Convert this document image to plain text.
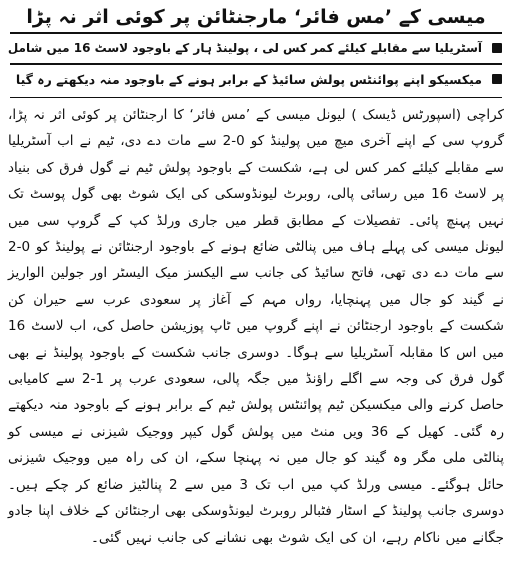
میسی کے ’مس فائر‘ مارجنٹائن پر کوئی اثر نہ پڑا
آسٹریلیا سے مقابلے کیلئے کمر کس لی ، پولینڈ ہار کے باوجود لاسٹ 16 میں شامل
میکسیکو اپنے پوائنٹس پولش سائیڈ کے برابر ہونے کے باوجود منہ دیکھتے رہ گیا

کراچی (اسپورٹس ڈیسک ) لیونل میسی کے ’مس فائر‘ کا ارجنٹائن پر کوئی اثر نہ پڑا، گروپ سی کے اپنے آخری میچ میں پولینڈ کو 0-2 سے مات دے دی، ٹیم نے اب آسٹریلیا سے مقابلے کیلئے کمر کس لی ہے، شکست کے باوجود پولش ٹیم نے گول فرق کی بنیاد پر لاسٹ 16 میں رسائی پالی، روبرٹ لیونڈوسکی کی ایک شوٹ بھی گول پوسٹ تک نہیں پہنچ پائی۔ تفصیلات کے مطابق قطر میں جاری ورلڈ کپ کے گروپ سی میں لیونل میسی کی پہلے ہاف میں پنالٹی ضائع ہونے کے باوجود ارجنٹائن نے پولینڈ کو 0-2 سے مات دے دی تھی، فاتح سائیڈ کی جانب سے الیکسز میک الیسٹر اور جولین الواریز نے گیند کو جال میں پہنچایا، رواں مہم کے آغاز پر سعودی عرب سے حیران کن شکست کے باوجود ارجنٹائن نے اپنے گروپ میں ٹاپ پوزیشن حاصل کی، اب لاسٹ 16 میں اس کا مقابلہ آسٹریلیا سے ہوگا۔ دوسری جانب شکست کے باوجود پولینڈ نے بھی گول فرق کی وجہ سے اگلے راؤنڈ میں جگہ پالی، سعودی عرب پر 1-2 سے کامیابی حاصل کرنے والی میکسیکن ٹیم پوائنٹس پولش ٹیم کے برابر ہونے کے باوجود منہ دیکھتے رہ گئی۔ کھیل کے 36 ویں منٹ میں پولش گول کیپر ووجیک شیزنی نے میسی کو پنالٹی ملی مگر وہ گیند کو جال میں نہ پہنچا سکے، ان کی راہ میں ووجیک شیزنی حائل ہوگئے۔ میسی ورلڈ کپ میں اب تک 3 میں سے 2 پنالٹیز ضائع کر چکے ہیں۔ دوسری جانب پولینڈ کے اسٹار فٹبالر روبرٹ لیونڈوسکی بھی ارجنٹائن کے خلاف اپنا جادو جگانے میں ناکام رہے، ان کی ایک شوٹ بھی نشانے کی جانب نہیں گئی۔
